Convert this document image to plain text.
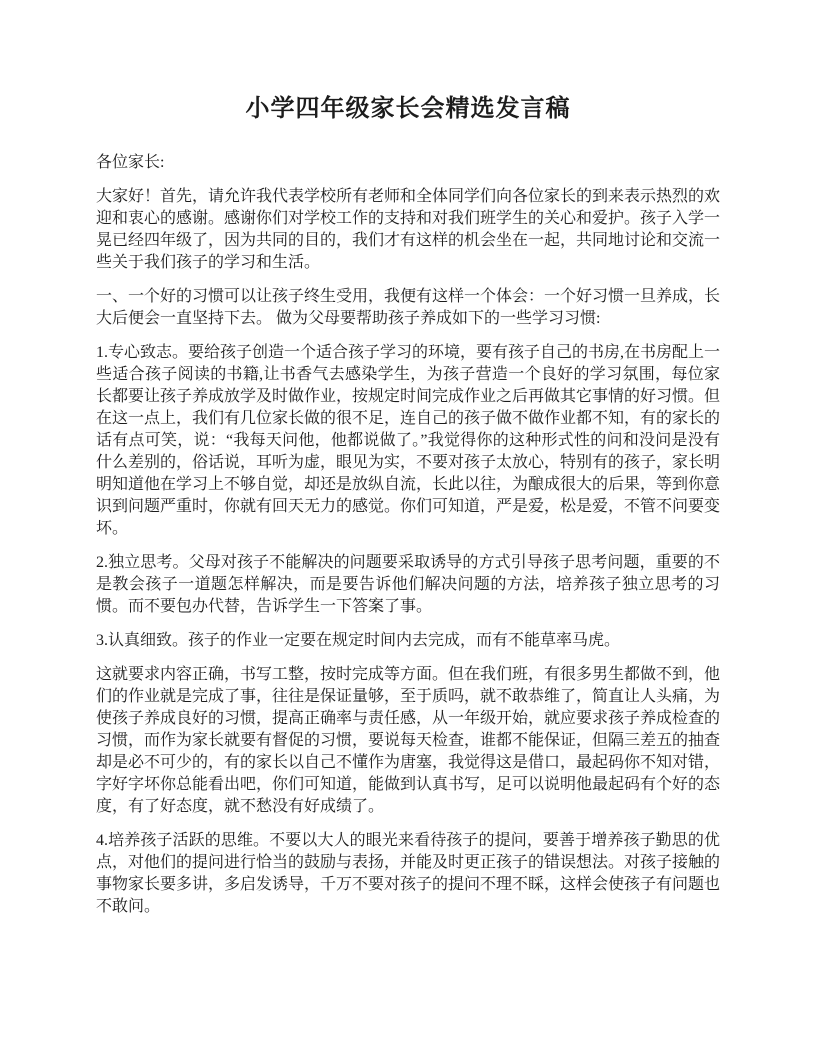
小学四年级家长会精选发言稿

各位家长:

大家好！首先，请允许我代表学校所有老师和全体同学们向各位家长的到来表示热烈的欢迎和衷心的感谢。感谢你们对学校工作的支持和对我们班学生的关心和爱护。孩子入学一晃已经四年级了，因为共同的目的，我们才有这样的机会坐在一起，共同地讨论和交流一些关于我们孩子的学习和生活。

一、一个好的习惯可以让孩子终生受用，我便有这样一个体会：一个好习惯一旦养成，长大后便会一直坚持下去。 做为父母要帮助孩子养成如下的一些学习习惯:

1.专心致志。要给孩子创造一个适合孩子学习的环境，要有孩子自己的书房,在书房配上一些适合孩子阅读的书籍,让书香气去感染学生，为孩子营造一个良好的学习氛围，每位家长都要让孩子养成放学及时做作业，按规定时间完成作业之后再做其它事情的好习惯。但在这一点上，我们有几位家长做的很不足，连自己的孩子做不做作业都不知，有的家长的话有点可笑，说：“我每天问他，他都说做了。”我觉得你的这种形式性的问和没问是没有什么差别的，俗话说，耳听为虚，眼见为实，不要对孩子太放心，特别有的孩子，家长明明知道他在学习上不够自觉，却还是放纵自流，长此以往，为酿成很大的后果，等到你意识到问题严重时，你就有回天无力的感觉。你们可知道，严是爱，松是爱，不管不问要变坏。

2.独立思考。父母对孩子不能解决的问题要采取诱导的方式引导孩子思考问题，重要的不是教会孩子一道题怎样解决，而是要告诉他们解决问题的方法，培养孩子独立思考的习惯。而不要包办代替，告诉学生一下答案了事。

3.认真细致。孩子的作业一定要在规定时间内去完成，而有不能草率马虎。

这就要求内容正确，书写工整，按时完成等方面。但在我们班，有很多男生都做不到，他们的作业就是完成了事，往往是保证量够，至于质吗，就不敢恭维了，简直让人头痛，为使孩子养成良好的习惯，提高正确率与责任感，从一年级开始，就应要求孩子养成检查的习惯，而作为家长就要有督促的习惯，要说每天检查，谁都不能保证，但隔三差五的抽查却是必不可少的，有的家长以自己不懂作为唐塞，我觉得这是借口，最起码你不知对错，字好字坏你总能看出吧，你们可知道，能做到认真书写，足可以说明他最起码有个好的态度，有了好态度，就不愁没有好成绩了。

4.培养孩子活跃的思维。不要以大人的眼光来看待孩子的提问，要善于增养孩子勤思的优点，对他们的提问进行恰当的鼓励与表扬，并能及时更正孩子的错误想法。对孩子接触的事物家长要多讲，多启发诱导，千万不要对孩子的提问不理不睬，这样会使孩子有问题也不敢问。
